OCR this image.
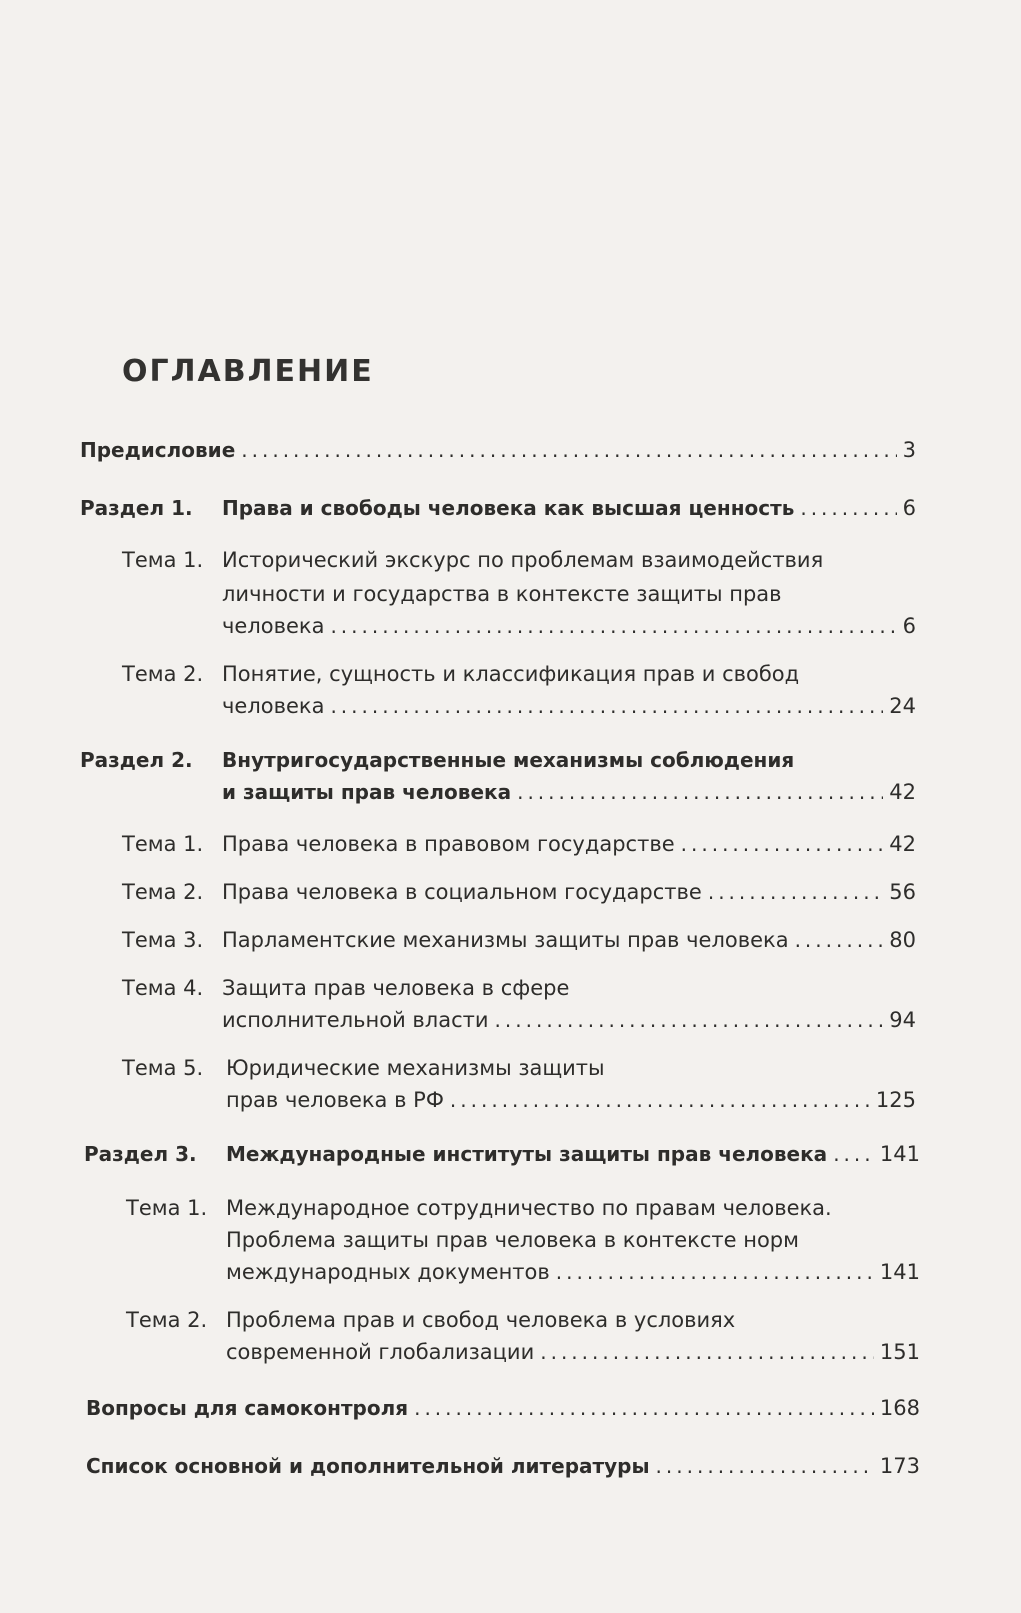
ОГЛАВЛЕНИЕ
Предисловие .....	3
Раздел 1. Права и свободы человека как высшая ценность .....	6
Тема 1. Исторический экскурс по проблемам взаимодействия
личности и государства в контексте защиты прав
человека .....	6
Тема 2. Понятие, сущность и классификация прав и свобод
человека .....	24
Раздел 2. Внутригосударственные механизмы соблюдения
и защиты прав человека .....	42
Тема 1. Права человека в правовом государстве .....	42
Тема 2. Права человека в социальном государстве .....	56
Тема 3. Парламентские механизмы защиты прав человека .....	80
Тема 4. Защита прав человека в сфере
исполнительной власти .....	94
Тема 5. Юридические механизмы защиты
прав человека в РФ .....	125
Раздел 3. Международные институты защиты прав человека .....	141
Тема 1. Международное сотрудничество по правам человека.
Проблема защиты прав человека в контексте норм
международных документов .....	141
Тема 2. Проблема прав и свобод человека в условиях
современной глобализации .....	151
Вопросы для самоконтроля .....	168
Список основной и дополнительной литературы .....	173
